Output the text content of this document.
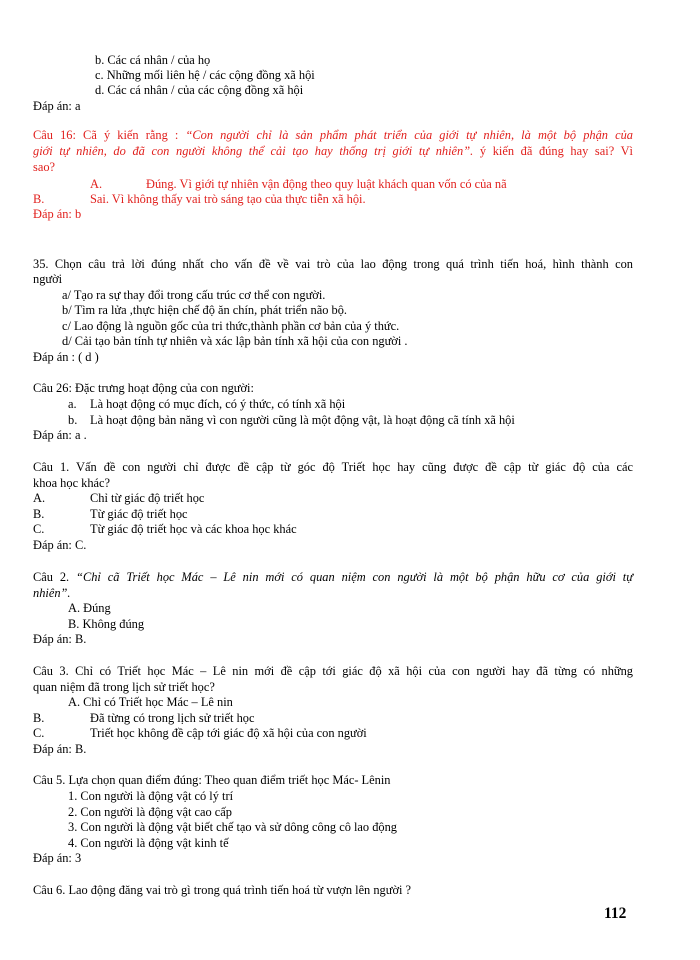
b. Các cá nhân / của họ
c. Những mối liên hệ / các cộng đồng xã hội
d. Các cá nhân / của các cộng đồng xã hội
Đáp án: a
Câu 16: Cã ý kiến rằng : “Con người chỉ là sản phẩm phát triển của giới tự nhiên, là một bộ phận của
giới tự nhiên, do đã con người không thể cải tạo hay thống trị giới tự nhiên”. ý kiến đã đúng hay sai? Vì
sao?
A.	Đúng. Vì giới tự nhiên vận động theo quy luật khách quan vốn có của nã
B.	Sai. Vì không thấy vai trò sáng tạo của thực tiễn xã hội.
Đáp án: b
35. Chọn câu trả lời đúng nhất cho vấn đề về vai trò của lao động trong quá trình tiến hoá, hình thành con
người
a/ Tạo ra sự thay đổi trong cấu trúc cơ thể con người.
b/ Tìm ra lửa ,thực hiện chế độ ăn chín, phát triển não bộ.
c/ Lao động là nguồn gốc của tri thức,thành phần cơ bản của ý thức.
d/ Cải tạo bản tính tự nhiên và xác lập bản tính xã hội của con người .
Đáp án : ( d )
Câu 26: Đặc trưng hoạt động của con người:
a. Là hoạt động có mục đích, có ý thức, có tính xã hội
b. Là hoạt động bản năng vì con người cũng là một động vật, là hoạt động cã tính xã hội
Đáp án: a .
Câu 1. Vấn đề con người chỉ được đề cập từ góc độ Triết học hay cũng được đề cập từ giác độ của các
khoa học khác?
A.	Chỉ từ giác độ triết học
B.	Từ giác độ triết học
C.	Từ giác độ triết học và các khoa học khác
Đáp án: C.
Câu 2. “Chỉ cã Triết học Mác – Lê nin mới có quan niệm con người là một bộ phận hữu cơ của giới tự
nhiên”.
A. Đúng
B. Không đúng
Đáp án: B.
Câu 3. Chỉ có Triết học Mác – Lê nin mới đề cập tới giác độ xã hội của con người hay đã từng có những
quan niệm đã trong lịch sử triết học?
A. Chỉ có Triết học Mác – Lê nin
B.	Đã từng có trong lịch sử triết học
C.	Triết học không đề cập tới giác độ xã hội của con người
Đáp án: B.
Câu 5. Lựa chọn quan điểm đúng: Theo quan điểm triết học Mác- Lênin
1. Con người là động vật có lý trí
2. Con người là động vật cao cấp
3. Con người là động vật biết chế tạo và sử dông công cô lao động
4. Con người là động vật kinh tế
Đáp án: 3
Câu 6. Lao động đăng vai trò gì trong quá trình tiến hoá từ vượn lên người ?
112
